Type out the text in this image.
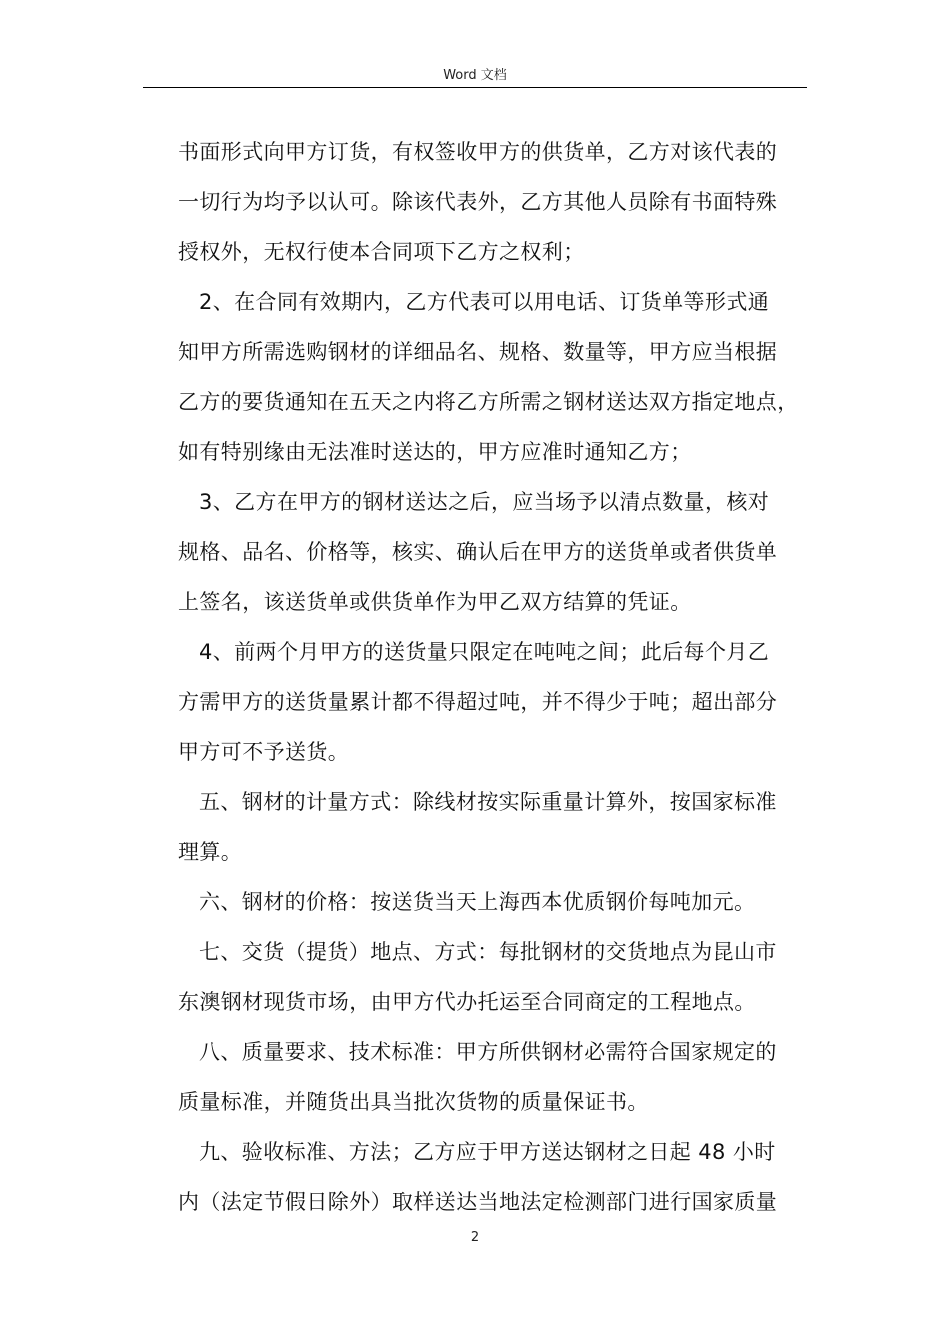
Word 文档
书面形式向甲方订货，有权签收甲方的供货单，乙方对该代表的
一切行为均予以认可。除该代表外，乙方其他人员除有书面特殊
授权外，无权行使本合同项下乙方之权利；
2、在合同有效期内，乙方代表可以用电话、订货单等形式通
知甲方所需选购钢材的详细品名、规格、数量等，甲方应当根据
乙方的要货通知在五天之内将乙方所需之钢材送达双方指定地点，
如有特别缘由无法准时送达的，甲方应准时通知乙方；
3、乙方在甲方的钢材送达之后，应当场予以清点数量，核对
规格、品名、价格等，核实、确认后在甲方的送货单或者供货单
上签名，该送货单或供货单作为甲乙双方结算的凭证。
4、前两个月甲方的送货量只限定在吨吨之间；此后每个月乙
方需甲方的送货量累计都不得超过吨，并不得少于吨；超出部分
甲方可不予送货。
五、钢材的计量方式：除线材按实际重量计算外，按国家标准
理算。
六、钢材的价格：按送货当天上海西本优质钢价每吨加元。
七、交货（提货）地点、方式：每批钢材的交货地点为昆山市
东澳钢材现货市场，由甲方代办托运至合同商定的工程地点。
八、质量要求、技术标准：甲方所供钢材必需符合国家规定的
质量标准，并随货出具当批次货物的质量保证书。
九、验收标准、方法；乙方应于甲方送达钢材之日起 48 小时
内（法定节假日除外）取样送达当地法定检测部门进行国家质量
2
